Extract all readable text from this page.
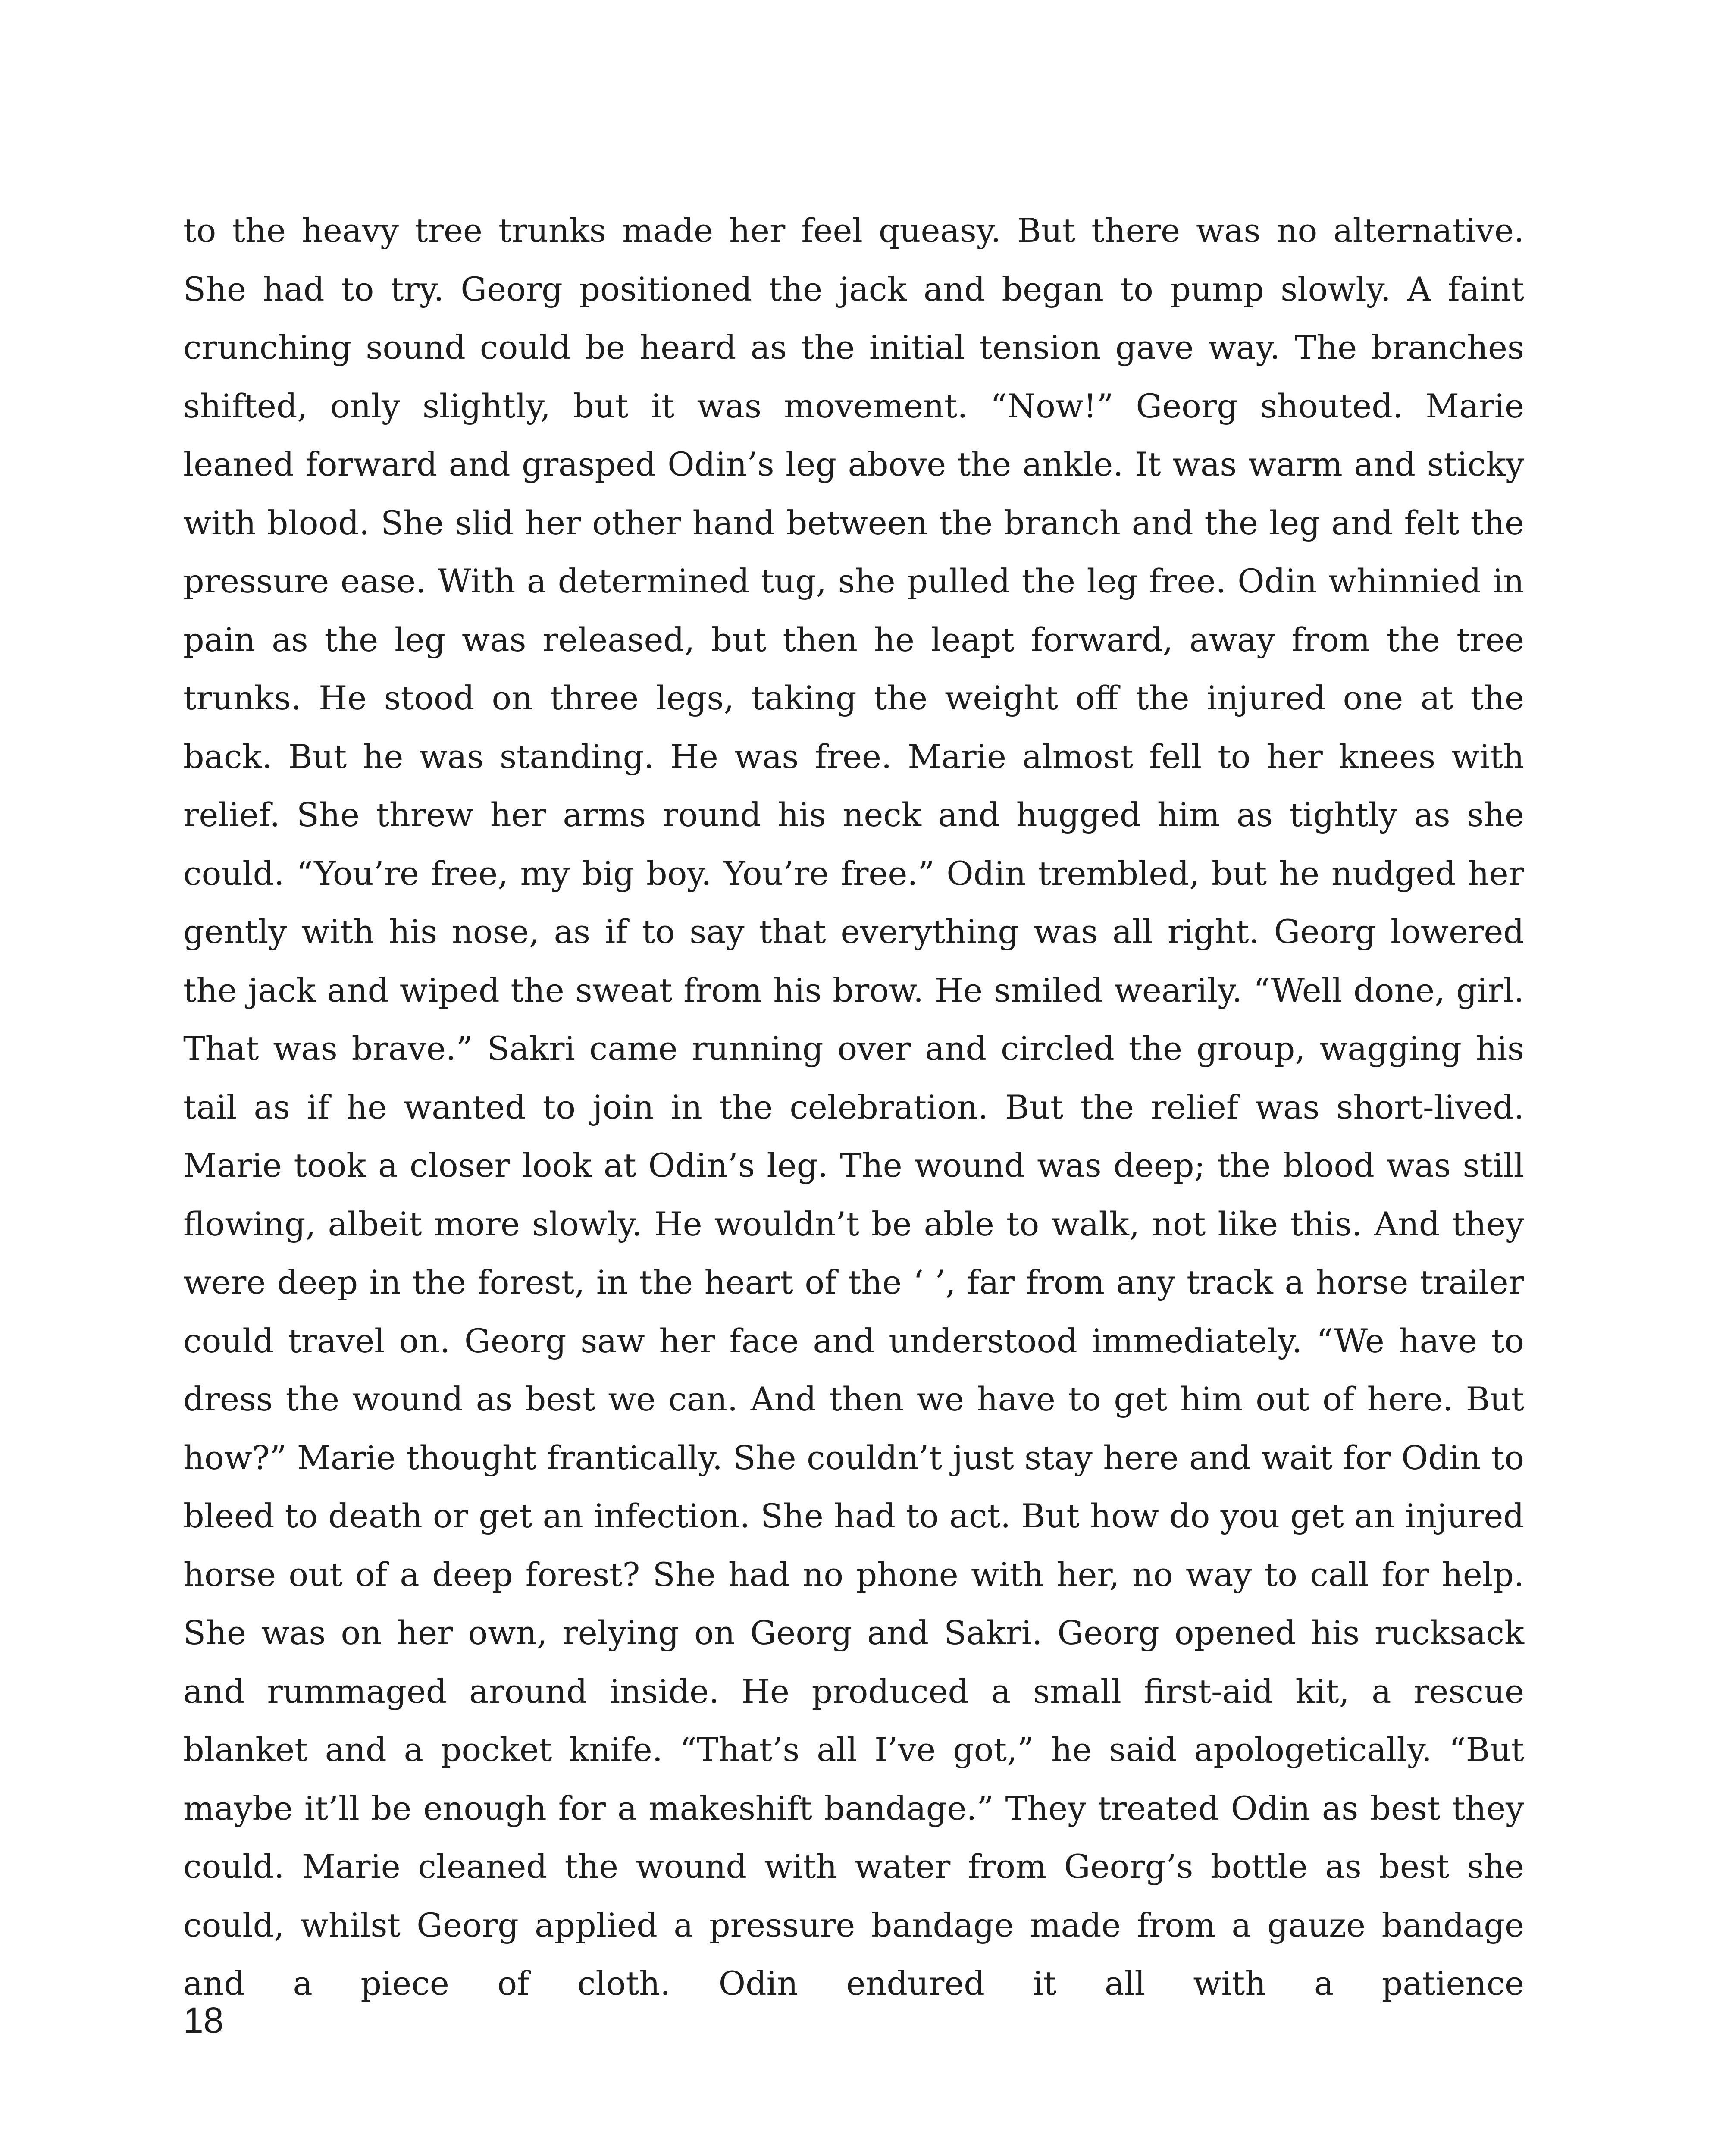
to the heavy tree trunks made her feel queasy. But there was no alternative. She had to try. Georg positioned the jack and began to pump slowly. A faint crunching sound could be heard as the initial tension gave way. The branches shifted, only slightly, but it was movement. “Now!” Georg shouted. Marie leaned forward and grasped Odin’s leg above the ankle. It was warm and sticky with blood. She slid her other hand between the branch and the leg and felt the pressure ease. With a determined tug, she pulled the leg free. Odin whinnied in pain as the leg was released, but then he leapt forward, away from the tree trunks. He stood on three legs, taking the weight off the injured one at the back. But he was standing. He was free. Marie almost fell to her knees with relief. She threw her arms round his neck and hugged him as tightly as she could. “You’re free, my big boy. You’re free.” Odin trembled, but he nudged her gently with his nose, as if to say that everything was all right. Georg lowered the jack and wiped the sweat from his brow. He smiled wearily. “Well done, girl. That was brave.” Sakri came running over and circled the group, wagging his tail as if he wanted to join in the celebration. But the relief was short-lived. Marie took a closer look at Odin’s leg. The wound was deep; the blood was still flowing, albeit more slowly. He wouldn’t be able to walk, not like this. And they were deep in the forest, in the heart of the ‘ ’, far from any track a horse trailer could travel on. Georg saw her face and understood immediately. “We have to dress the wound as best we can. And then we have to get him out of here. But how?” Marie thought frantically. She couldn’t just stay here and wait for Odin to bleed to death or get an infection. She had to act. But how do you get an injured horse out of a deep forest? She had no phone with her, no way to call for help. She was on her own, relying on Georg and Sakri. Georg opened his rucksack and rummaged around inside. He produced a small first-aid kit, a rescue blanket and a pocket knife. “That’s all I’ve got,” he said apologetically. “But maybe it’ll be enough for a makeshift bandage.” They treated Odin as best they could. Marie cleaned the wound with water from Georg’s bottle as best she could, whilst Georg applied a pressure bandage made from a gauze bandage and a piece of cloth. Odin endured it all with a patience

18
